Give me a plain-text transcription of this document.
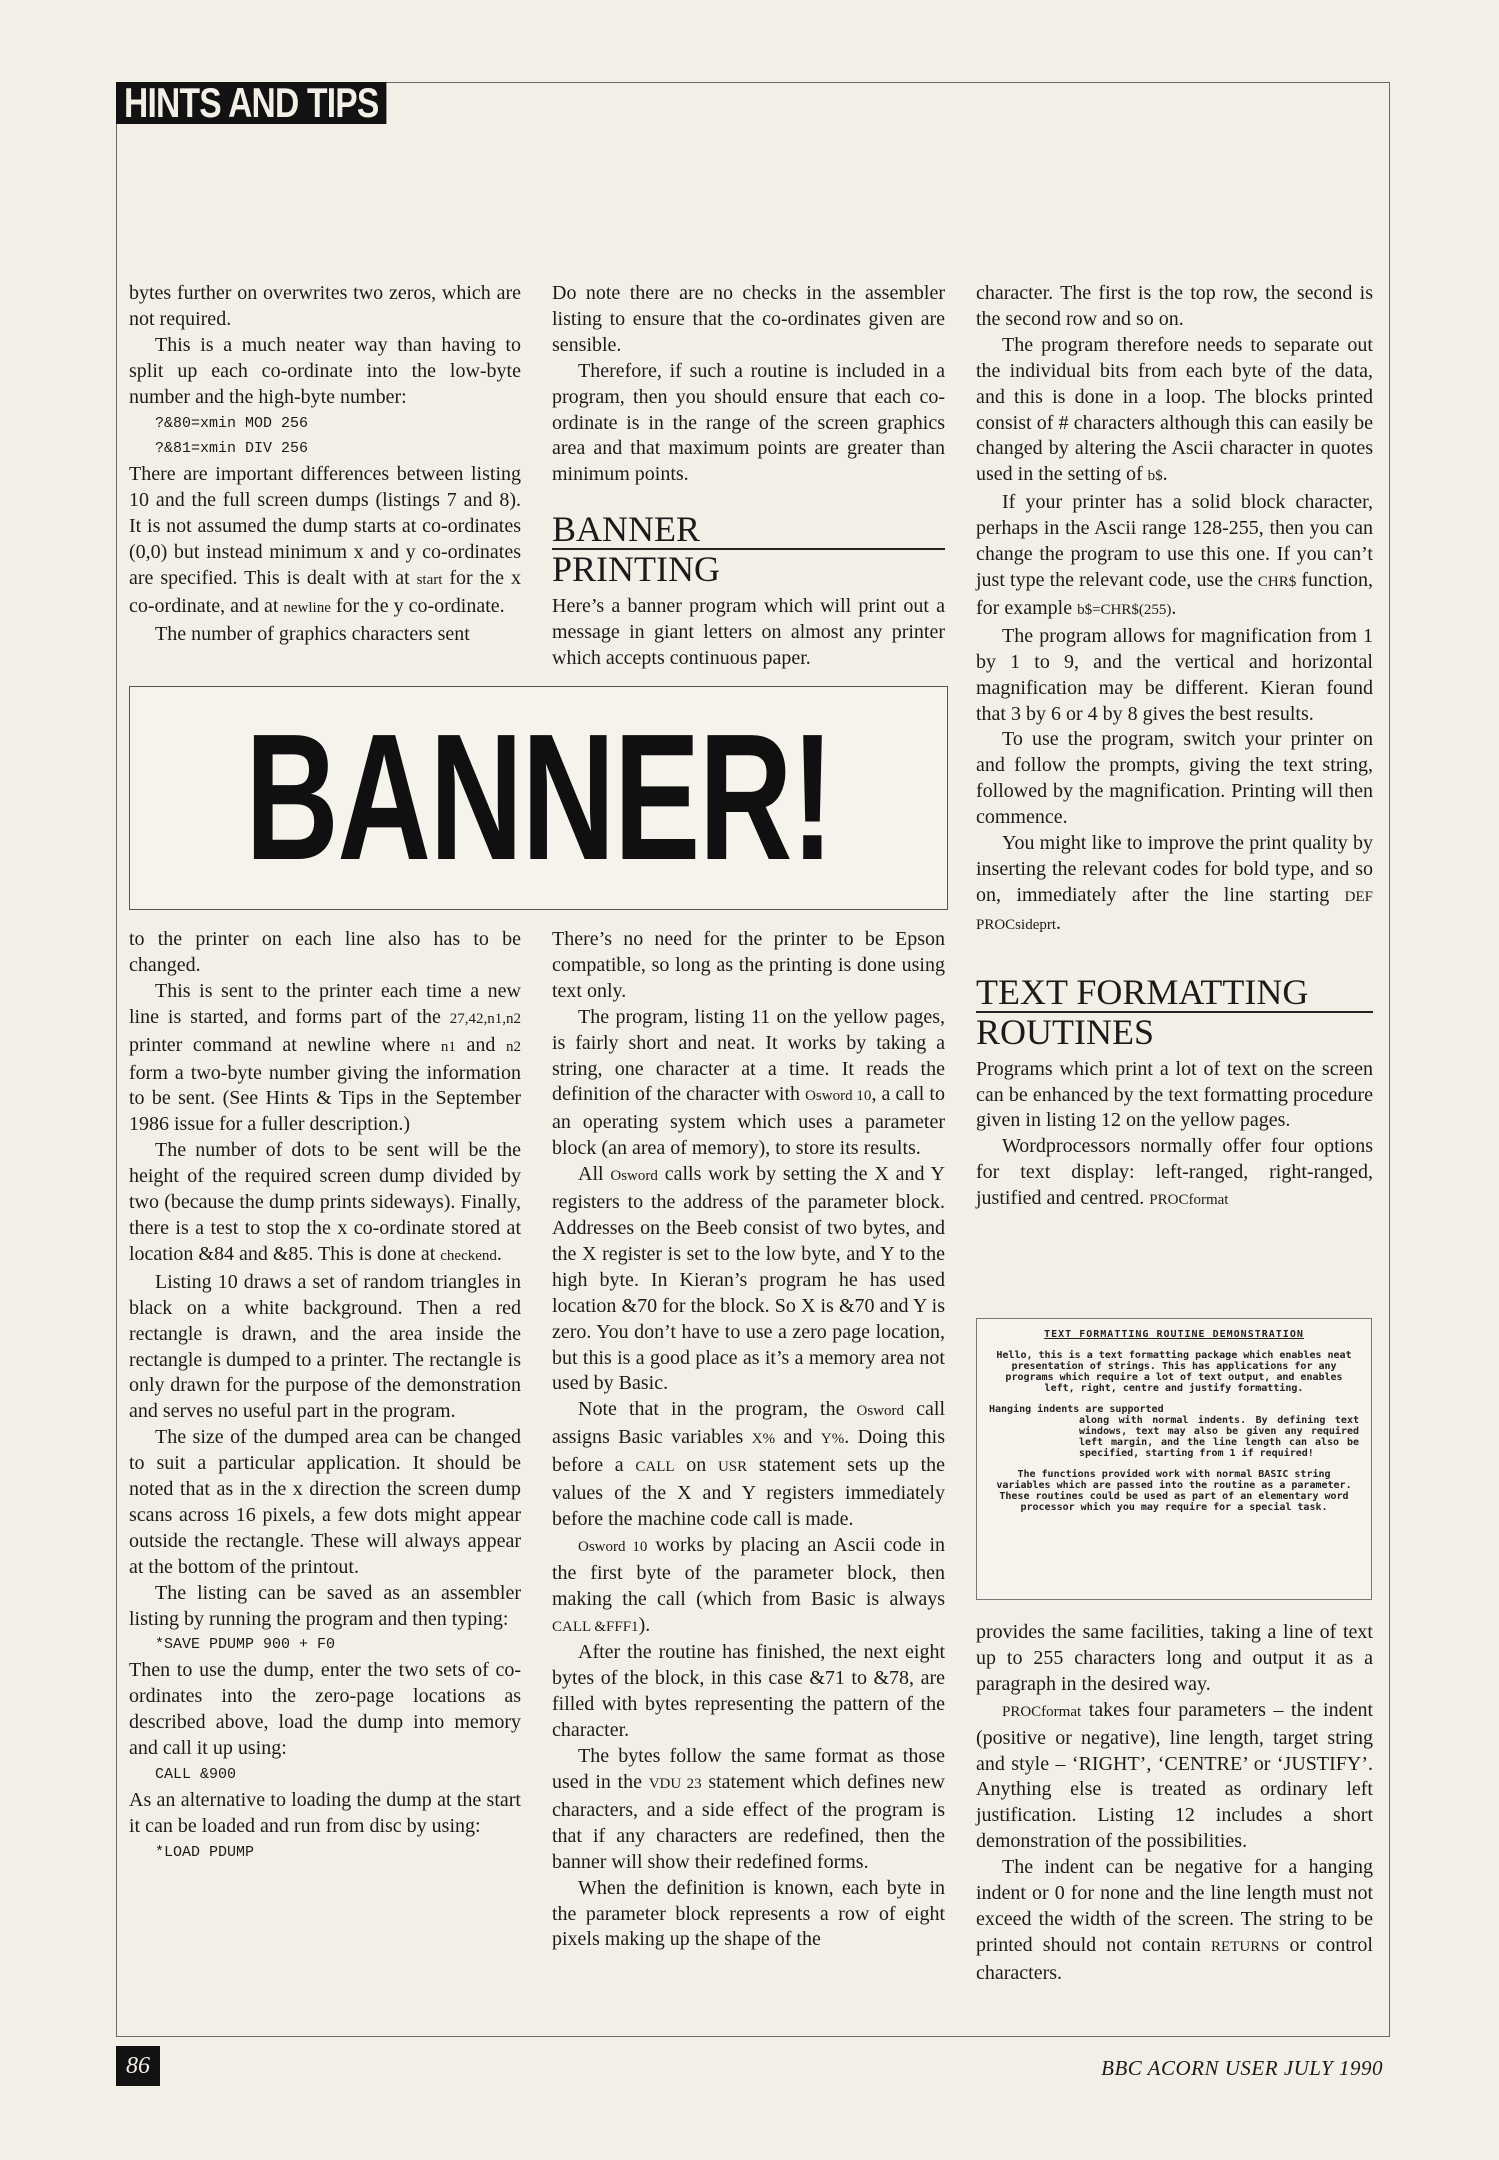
HINTS AND TIPS

bytes further on overwrites two zeros, which are not required.

This is a much neater way than having to split up each co-ordinate into the low-byte number and the high-byte number:

?&80=xmin MOD 256
?&81=xmin DIV 256

There are important differences between listing 10 and the full screen dumps (listings 7 and 8). It is not assumed the dump starts at co-ordinates (0,0) but instead minimum x and y co-ordinates are specified. This is dealt with at start for the x co-ordinate, and at newline for the y co-ordinate.

The number of graphics characters sent

Do note there are no checks in the assembler listing to ensure that the co-ordinates given are sensible.

Therefore, if such a routine is included in a program, then you should ensure that each co-ordinate is in the range of the screen graphics area and that maximum points are greater than minimum points.

BANNER
PRINTING

Here’s a banner program which will print out a message in giant letters on almost any printer which accepts continuous paper.

BANNER!

to the printer on each line also has to be changed.

This is sent to the printer each time a new line is started, and forms part of the 27,42,n1,n2 printer command at newline where n1 and n2 form a two-byte number giving the information to be sent. (See Hints & Tips in the September 1986 issue for a fuller description.)

The number of dots to be sent will be the height of the required screen dump divided by two (because the dump prints sideways). Finally, there is a test to stop the x co-ordinate stored at location &84 and &85. This is done at checkend.

Listing 10 draws a set of random triangles in black on a white background. Then a red rectangle is drawn, and the area inside the rectangle is dumped to a printer. The rectangle is only drawn for the purpose of the demonstration and serves no useful part in the program.

The size of the dumped area can be changed to suit a particular application. It should be noted that as in the x direction the screen dump scans across 16 pixels, a few dots might appear outside the rectangle. These will always appear at the bottom of the printout.

The listing can be saved as an assembler listing by running the program and then typing:

*SAVE PDUMP 900 + F0

Then to use the dump, enter the two sets of co-ordinates into the zero-page locations as described above, load the dump into memory and call it up using:

CALL &900

As an alternative to loading the dump at the start it can be loaded and run from disc by using:

*LOAD PDUMP

There’s no need for the printer to be Epson compatible, so long as the printing is done using text only.

The program, listing 11 on the yellow pages, is fairly short and neat. It works by taking a string, one character at a time. It reads the definition of the character with Osword 10, a call to an operating system which uses a parameter block (an area of memory), to store its results.

All Osword calls work by setting the X and Y registers to the address of the parameter block. Addresses on the Beeb consist of two bytes, and the X register is set to the low byte, and Y to the high byte. In Kieran’s program he has used location &70 for the block. So X is &70 and Y is zero. You don’t have to use a zero page location, but this is a good place as it’s a memory area not used by Basic.

Note that in the program, the Osword call assigns Basic variables X% and Y%. Doing this before a CALL on USR statement sets up the values of the X and Y registers immediately before the machine code call is made.

Osword 10 works by placing an Ascii code in the first byte of the parameter block, then making the call (which from Basic is always CALL &FFF1).

After the routine has finished, the next eight bytes of the block, in this case &71 to &78, are filled with bytes representing the pattern of the character.

The bytes follow the same format as those used in the VDU 23 statement which defines new characters, and a side effect of the program is that if any characters are redefined, then the banner will show their redefined forms.

When the definition is known, each byte in the parameter block represents a row of eight pixels making up the shape of the

character. The first is the top row, the second is the second row and so on.

The program therefore needs to separate out the individual bits from each byte of the data, and this is done in a loop. The blocks printed consist of # characters although this can easily be changed by altering the Ascii character in quotes used in the setting of b$.

If your printer has a solid block character, perhaps in the Ascii range 128-255, then you can change the program to use this one. If you can’t just type the relevant code, use the CHR$ function, for example b$=CHR$(255).

The program allows for magnification from 1 by 1 to 9, and the vertical and horizontal magnification may be different. Kieran found that 3 by 6 or 4 by 8 gives the best results.

To use the program, switch your printer on and follow the prompts, giving the text string, followed by the magnification. Printing will then commence.

You might like to improve the print quality by inserting the relevant codes for bold type, and so on, immediately after the line starting DEF PROCsideprt.

TEXT FORMATTING
ROUTINES

Programs which print a lot of text on the screen can be enhanced by the text formatting procedure given in listing 12 on the yellow pages.

Wordprocessors normally offer four options for text display: left-ranged, right-ranged, justified and centred. PROCformat

TEXT FORMATTING ROUTINE DEMONSTRATION
Hello, this is a text formatting package which enables neat presentation of strings. This has applications for any programs which require a lot of text output, and enables left, right, centre and justify formatting.
Hanging indents are supported
along with normal indents. By defining text windows, text may also be given any required left margin, and the line length can also be specified, starting from 1 if required!
The functions provided work with normal BASIC string variables which are passed into the routine as a parameter. These routines could be used as part of an elementary word processor which you may require for a special task.

provides the same facilities, taking a line of text up to 255 characters long and output it as a paragraph in the desired way.

PROCformat takes four parameters – the indent (positive or negative), line length, target string and style – ‘RIGHT’, ‘CENTRE’ or ‘JUSTIFY’. Anything else is treated as ordinary left justification. Listing 12 includes a short demonstration of the possibilities.

The indent can be negative for a hanging indent or 0 for none and the line length must not exceed the width of the screen. The string to be printed should not contain RETURNS or control characters.

86	BBC ACORN USER JULY 1990
